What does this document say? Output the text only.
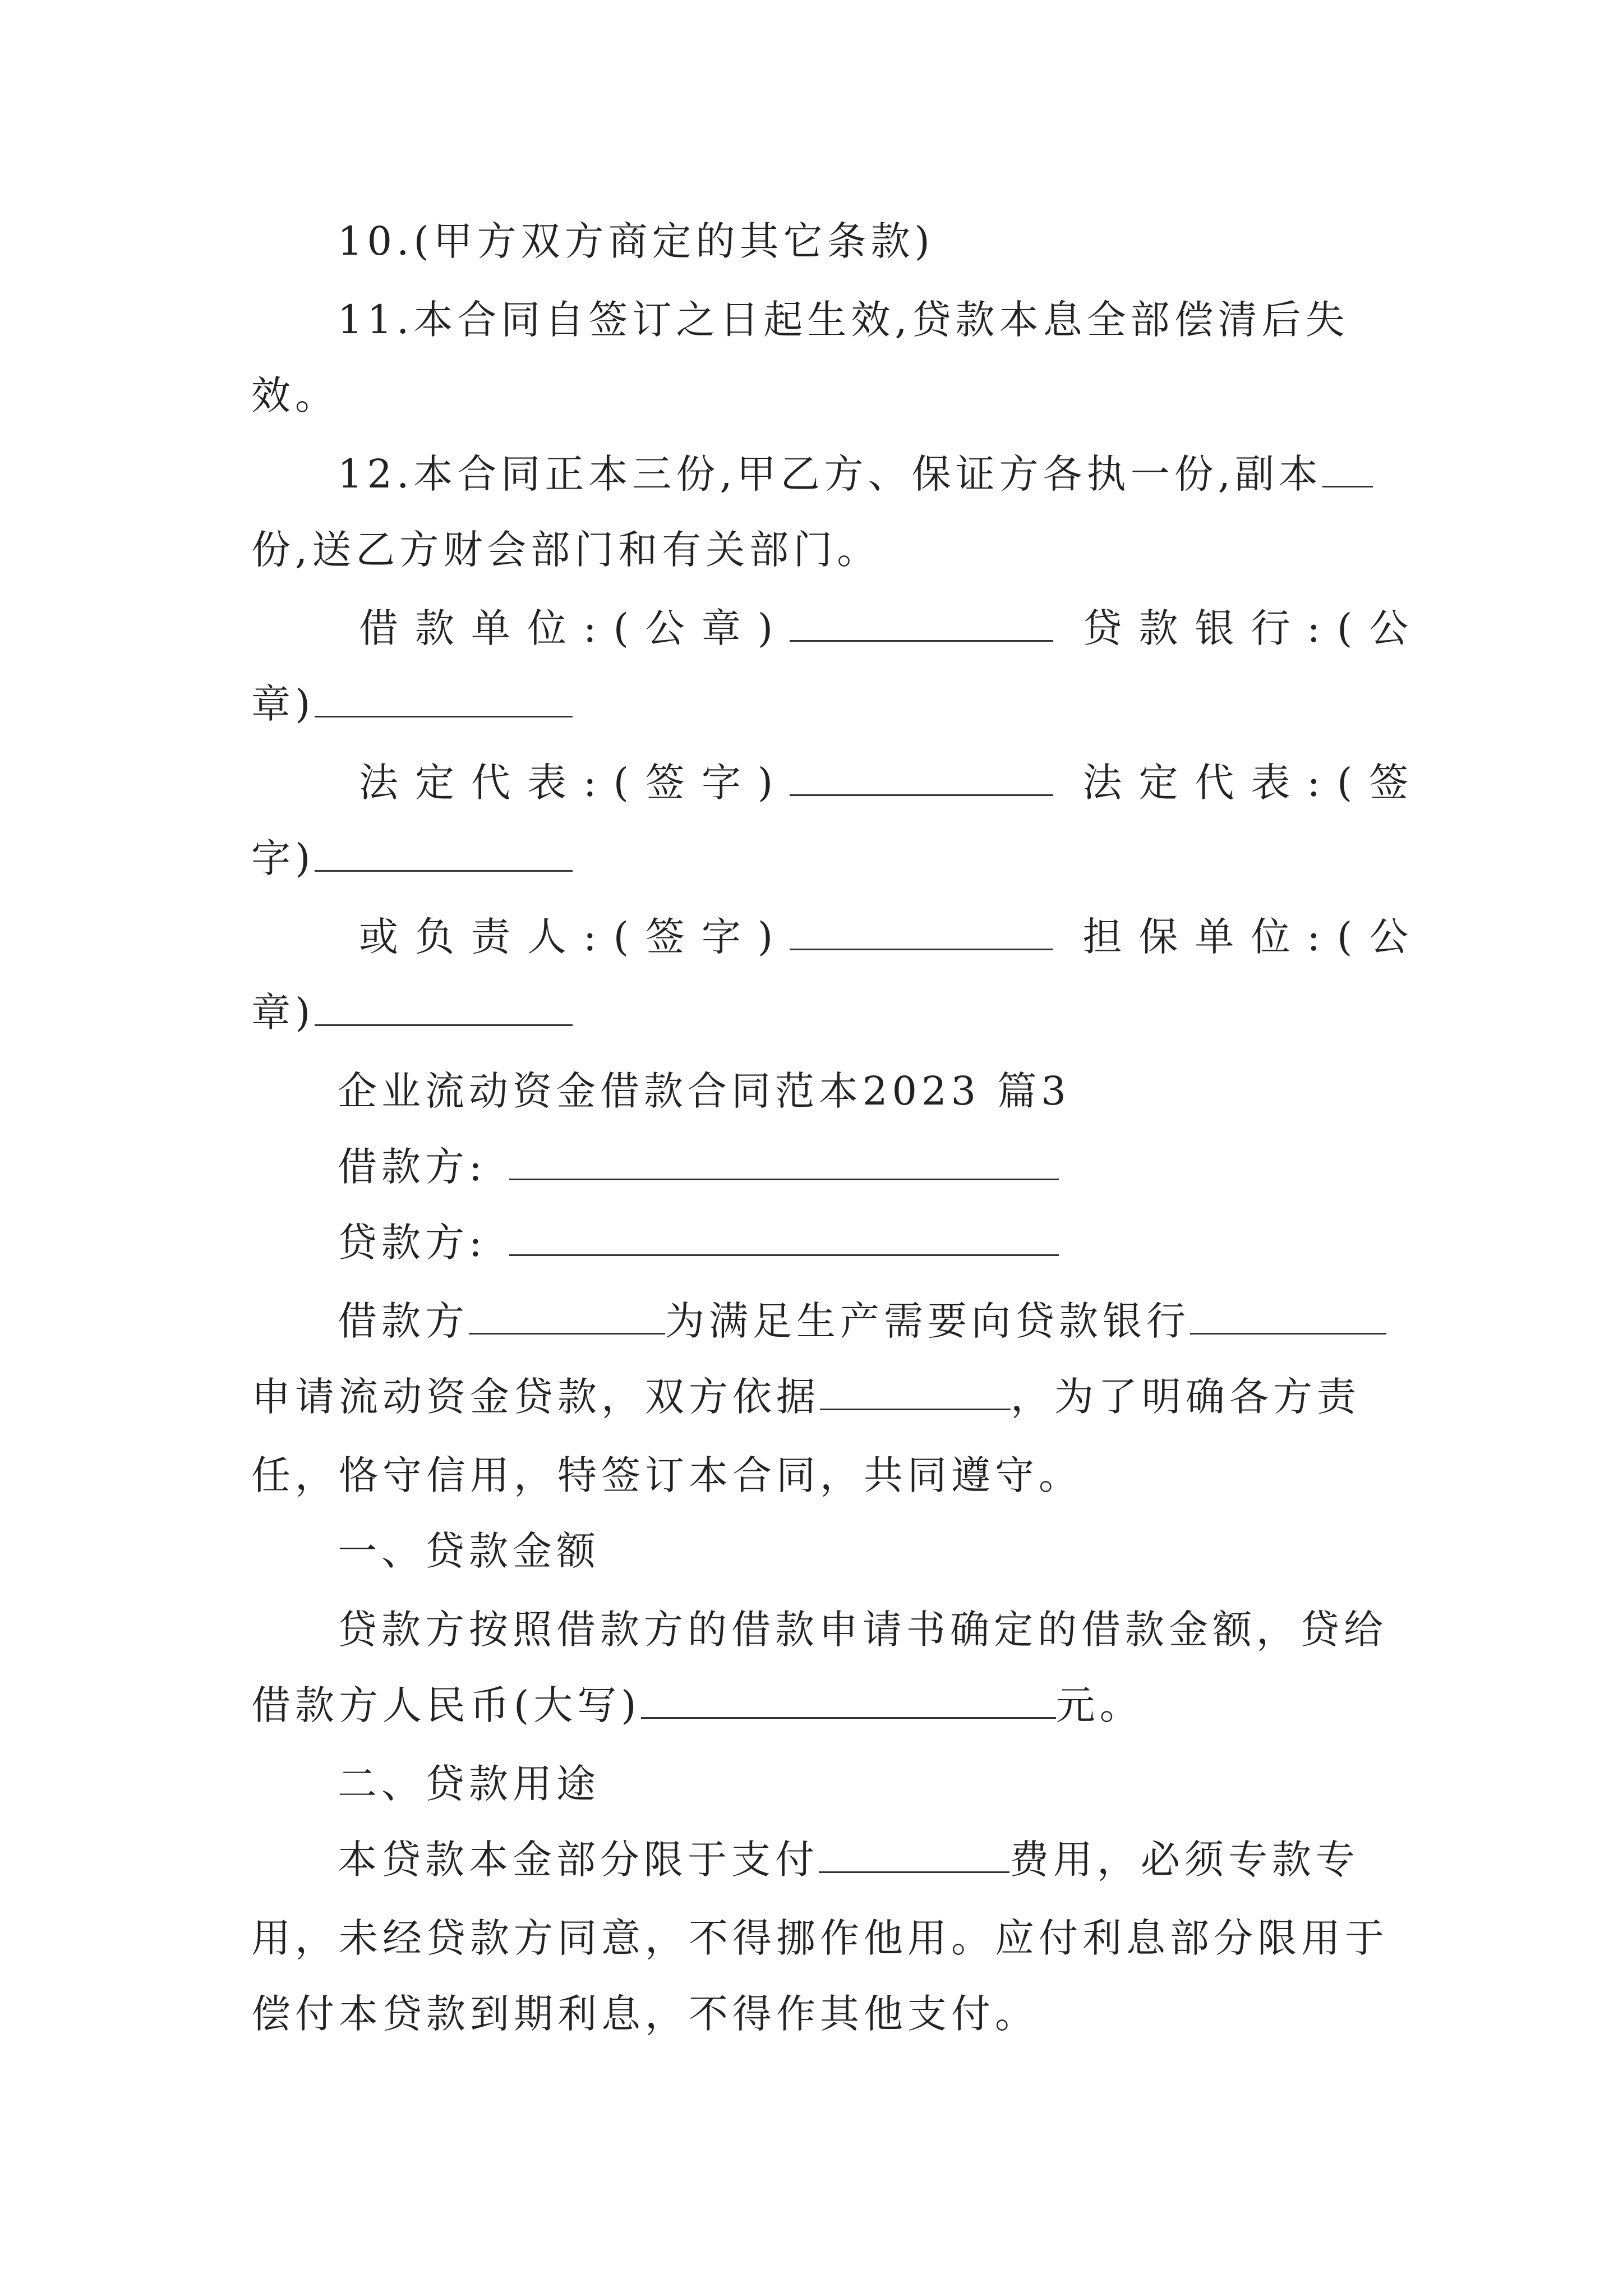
10.(甲方双方商定的其它条款)
11.本合同自签订之日起生效,贷款本息全部偿清后失
效。
12.本合同正本三份,甲乙方、保证方各执一份,副本
份,送乙方财会部门和有关部门。
借款单位:(公章)	贷款银行:(公
章)
法定代表:(签字)	法定代表:(签
字)
或负责人:(签字)	担保单位:(公
章)
企业流动资金借款合同范本2023 篇3
借款方:
贷款方:
借款方	为满足生产需要向贷款银行
申请流动资金贷款，双方依据	，为了明确各方责
任，恪守信用，特签订本合同，共同遵守。
一、贷款金额
贷款方按照借款方的借款申请书确定的借款金额，贷给
借款方人民币(大写)	元。
二、贷款用途
本贷款本金部分限于支付	费用，必须专款专
用，未经贷款方同意，不得挪作他用。应付利息部分限用于
偿付本贷款到期利息，不得作其他支付。
